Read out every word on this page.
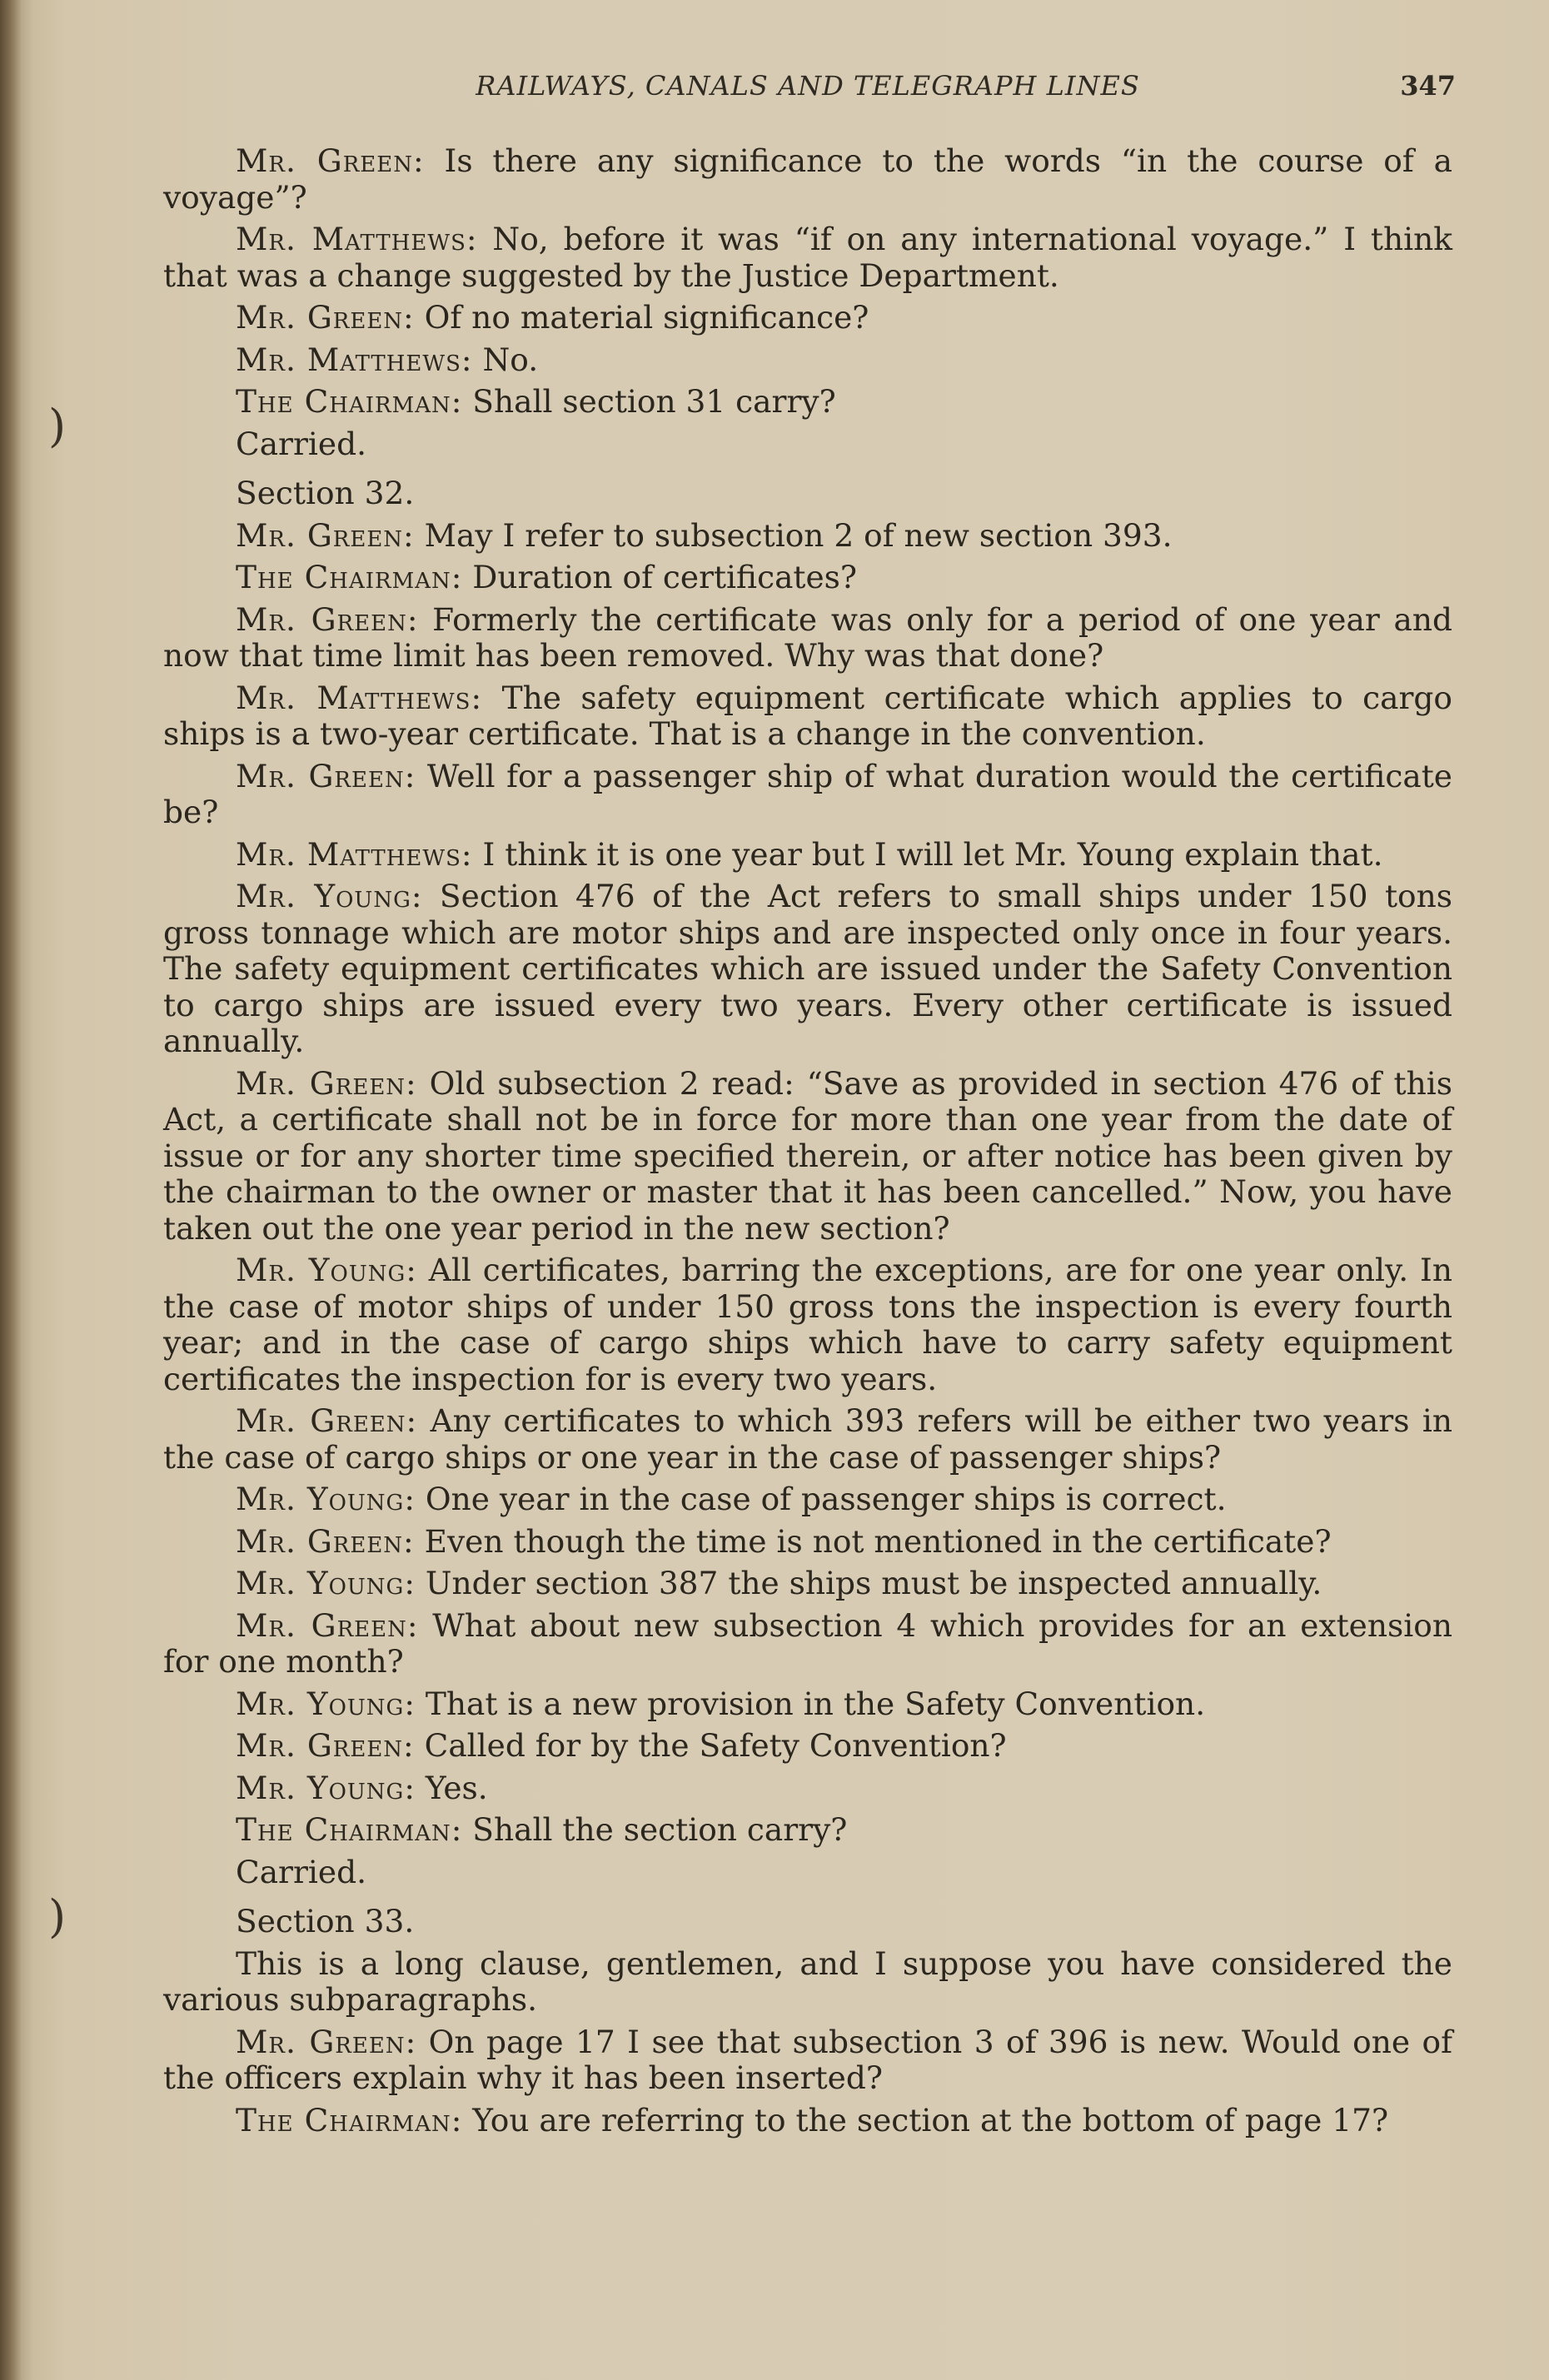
)
)
RAILWAYS, CANALS AND TELEGRAPH LINES	347

Mr. Green: Is there any significance to the words “in the course of a voyage”?

Mr. Matthews: No, before it was “if on any international voyage.” I think that was a change suggested by the Justice Department.

Mr. Green: Of no material significance?

Mr. Matthews: No.

The Chairman: Shall section 31 carry?

Carried.

Section 32.

Mr. Green: May I refer to subsection 2 of new section 393.

The Chairman: Duration of certificates?

Mr. Green: Formerly the certificate was only for a period of one year and now that time limit has been removed. Why was that done?

Mr. Matthews: The safety equipment certificate which applies to cargo ships is a two-year certificate. That is a change in the convention.

Mr. Green: Well for a passenger ship of what duration would the certificate be?

Mr. Matthews: I think it is one year but I will let Mr. Young explain that.

Mr. Young: Section 476 of the Act refers to small ships under 150 tons gross tonnage which are motor ships and are inspected only once in four years. The safety equipment certificates which are issued under the Safety Convention to cargo ships are issued every two years. Every other certificate is issued annually.

Mr. Green: Old subsection 2 read: “Save as provided in section 476 of this Act, a certificate shall not be in force for more than one year from the date of issue or for any shorter time specified therein, or after notice has been given by the chairman to the owner or master that it has been cancelled.” Now, you have taken out the one year period in the new section?

Mr. Young: All certificates, barring the exceptions, are for one year only. In the case of motor ships of under 150 gross tons the inspection is every fourth year; and in the case of cargo ships which have to carry safety equipment certificates the inspection for is every two years.

Mr. Green: Any certificates to which 393 refers will be either two years in the case of cargo ships or one year in the case of passenger ships?

Mr. Young: One year in the case of passenger ships is correct.

Mr. Green: Even though the time is not mentioned in the certificate?

Mr. Young: Under section 387 the ships must be inspected annually.

Mr. Green: What about new subsection 4 which provides for an extension for one month?

Mr. Young: That is a new provision in the Safety Convention.

Mr. Green: Called for by the Safety Convention?

Mr. Young: Yes.

The Chairman: Shall the section carry?

Carried.

Section 33.

This is a long clause, gentlemen, and I suppose you have considered the various subparagraphs.

Mr. Green: On page 17 I see that subsection 3 of 396 is new. Would one of the officers explain why it has been inserted?

The Chairman: You are referring to the section at the bottom of page 17?
